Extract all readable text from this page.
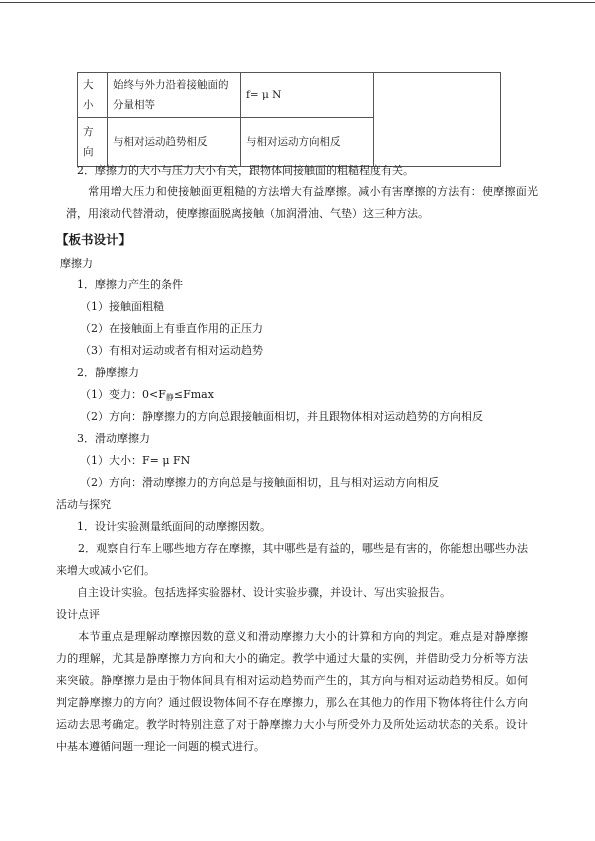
大小	始终与外力沿着接触面的分量相等	f= μ N	
方向	与相对运动趋势相反	与相对运动方向相反	
2．摩擦力的大小与压力大小有关，跟物体间接触面的粗糙程度有关。
常用增大压力和使接触面更粗糙的方法增大有益摩擦。减小有害摩擦的方法有：使摩擦面光滑，用滚动代替滑动，使摩擦面脱离接触（加润滑油、气垫）这三种方法。
【板书设计】
摩擦力
1．摩擦力产生的条件
（1）接触面粗糙
（2）在接触面上有垂直作用的正压力
（3）有相对运动或者有相对运动趋势
2．静摩擦力
（1）变力：$0<F_静\le Fmax$
（2）方向：静摩擦力的方向总跟接触面相切，并且跟物体相对运动趋势的方向相反
3．滑动摩擦力
（1）大小：F= μ FN
（2）方向：滑动摩擦力的方向总是与接触面相切，且与相对运动方向相反
活动与探究
1．设计实验测量纸面间的动摩擦因数。
2．观察自行车上哪些地方存在摩擦，其中哪些是有益的，哪些是有害的，你能想出哪些办法来增大或减小它们。
自主设计实验。包括选择实验器材、设计实验步骤，并设计、写出实验报告。
设计点评
本节重点是理解动摩擦因数的意义和滑动摩擦力大小的计算和方向的判定。难点是对静摩擦力的理解，尤其是静摩擦力方向和大小的确定。教学中通过大量的实例，并借助受力分析等方法来突破。静摩擦力是由于物体间具有相对运动趋势而产生的，其方向与相对运动趋势相反。如何判定静摩擦力的方向？通过假设物体间不存在摩擦力，那么在其他力的作用下物体将往什么方向运动去思考确定。教学时特别注意了对于静摩擦力大小与所受外力及所处运动状态的关系。设计中基本遵循问题一理论一问题的模式进行。
